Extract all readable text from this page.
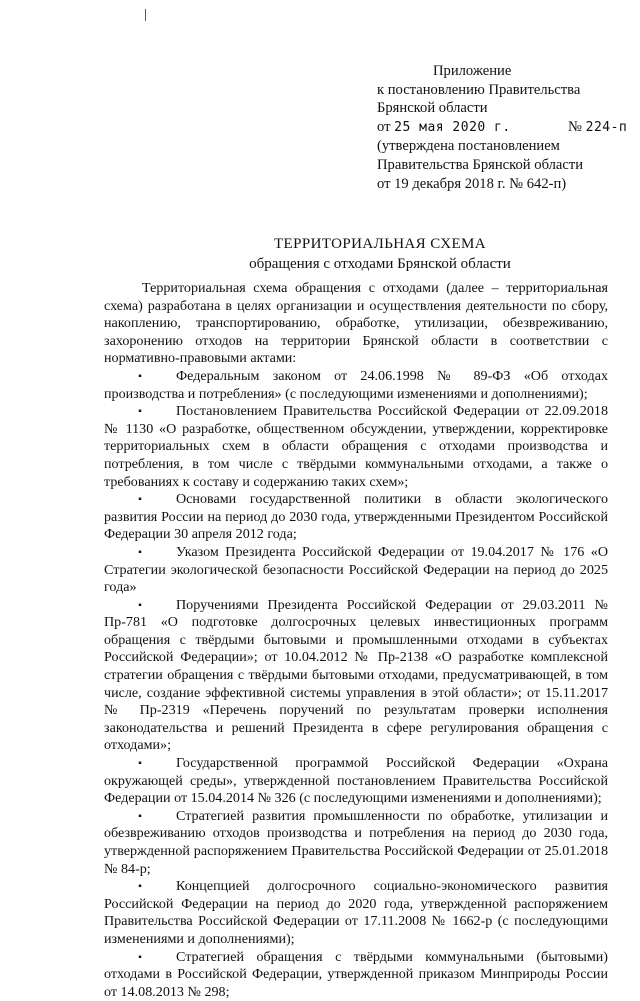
Приложение
к постановлению Правительства
Брянской области
от 25 мая 2020 г.	№ 224-п
(утверждена постановлением
Правительства Брянской области
от 19 декабря 2018 г. № 642-п)
ТЕРРИТОРИАЛЬНАЯ СХЕМА
обращения с отходами Брянской области

Территориальная схема обращения с отходами (далее – территориальная схема) разработана в целях организации и осуществления деятельности по сбору, накоплению, транспортированию, обработке, утилизации, обезвреживанию, захоронению отходов на территории Брянской области в соответствии с нормативно-правовыми актами:

▪ Федеральным законом от 24.06.1998 № 89-ФЗ «Об отходах производства и потребления» (с последующими изменениями и дополнениями);

▪ Постановлением Правительства Российской Федерации от 22.09.2018 № 1130 «О разработке, общественном обсуждении, утверждении, корректировке территориальных схем в области обращения с отходами производства и потребления, в том числе с твёрдыми коммунальными отходами, а также о требованиях к составу и содержанию таких схем»;

▪ Основами государственной политики в области экологического развития России на период до 2030 года, утвержденными Президентом Российской Федерации 30 апреля 2012 года;

▪ Указом Президента Российской Федерации от 19.04.2017 № 176 «О Стратегии экологической безопасности Российской Федерации на период до 2025 года»

▪ Поручениями Президента Российской Федерации от 29.03.2011 № Пр-781 «О подготовке долгосрочных целевых инвестиционных программ обращения с твёрдыми бытовыми и промышленными отходами в субъектах Российской Федерации»; от 10.04.2012 № Пр-2138 «О разработке комплексной стратегии обращения с твёрдыми бытовыми отходами, предусматривающей, в том числе, создание эффективной системы управления в этой области»; от 15.11.2017 № Пр-2319 «Перечень поручений по результатам проверки исполнения законодательства и решений Президента в сфере регулирования обращения с отходами»;

▪ Государственной программой Российской Федерации «Охрана окружающей среды», утвержденной постановлением Правительства Российской Федерации от 15.04.2014 № 326 (с последующими изменениями и дополнениями);

▪ Стратегией развития промышленности по обработке, утилизации и обезвреживанию отходов производства и потребления на период до 2030 года, утвержденной распоряжением Правительства Российской Федерации от 25.01.2018 № 84-р;

▪ Концепцией долгосрочного социально-экономического развития Российской Федерации на период до 2020 года, утвержденной распоряжением Правительства Российской Федерации от 17.11.2008 № 1662-р (с последующими изменениями и дополнениями);

▪ Стратегией обращения с твёрдыми коммунальными (бытовыми) отходами в Российской Федерации, утвержденной приказом Минприроды России от 14.08.2013 № 298;
